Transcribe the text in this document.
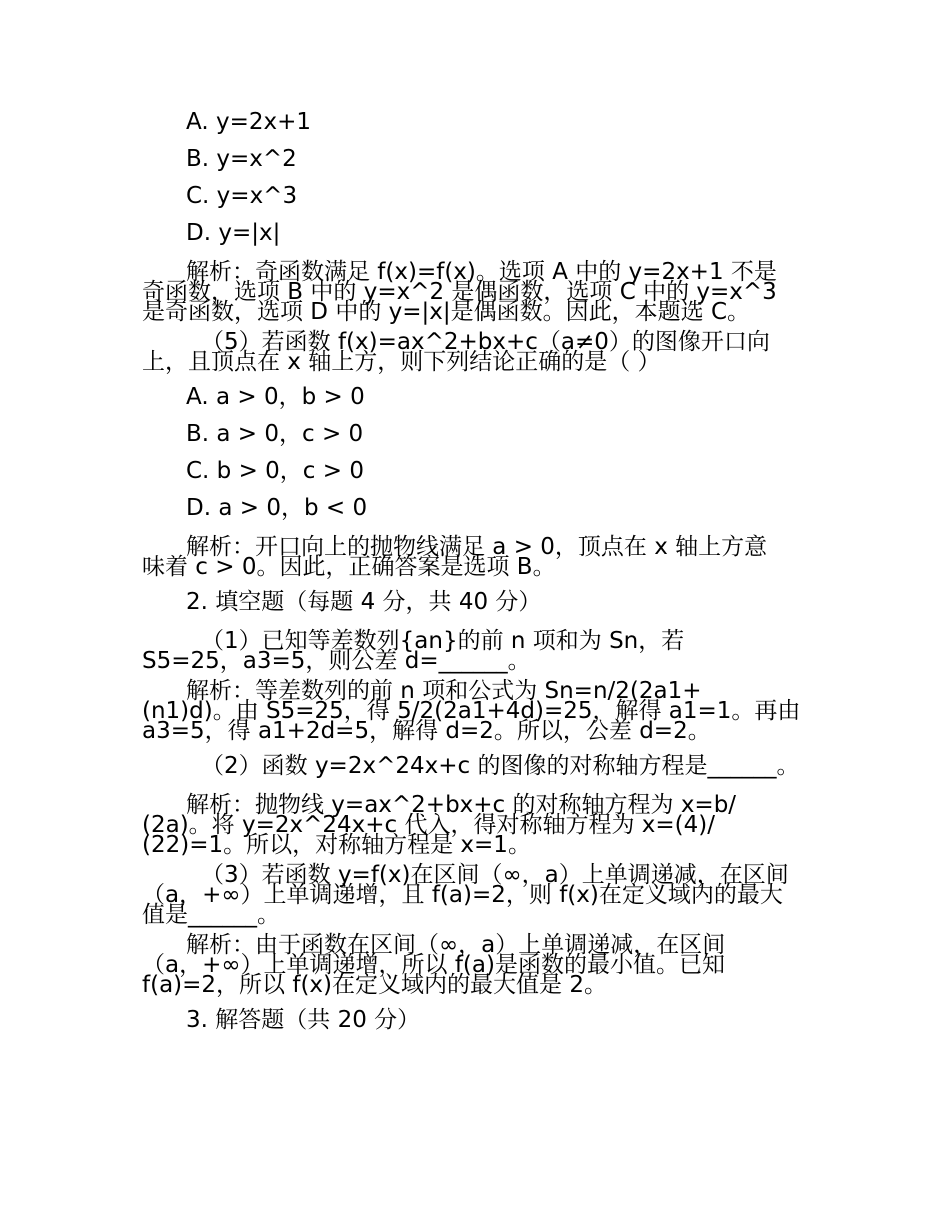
A. y=2x+1
B. y=x^2
C. y=x^3
D. y=|x|
解析：奇函数满足 f(x)=f(x)。选项 A 中的 y=2x+1 不是
奇函数，选项 B 中的 y=x^2 是偶函数，选项 C 中的 y=x^3
是奇函数，选项 D 中的 y=|x|是偶函数。因此，本题选 C。
（5）若函数 f(x)=ax^2+bx+c（a≠0）的图像开口向
上，且顶点在 x 轴上方，则下列结论正确的是（ ）
A. a > 0，b > 0
B. a > 0，c > 0
C. b > 0，c > 0
D. a > 0，b < 0
解析：开口向上的抛物线满足 a > 0，顶点在 x 轴上方意
味着 c > 0。因此，正确答案是选项 B。
2. 填空题（每题 4 分，共 40 分）
（1）已知等差数列{an}的前 n 项和为 Sn，若
S5=25，a3=5，则公差 d=______。
解析：等差数列的前 n 项和公式为 Sn=n/2(2a1+
(n1)d)。由 S5=25，得 5/2(2a1+4d)=25，解得 a1=1。再由
a3=5，得 a1+2d=5，解得 d=2。所以，公差 d=2。
（2）函数 y=2x^24x+c 的图像的对称轴方程是______。
解析：抛物线 y=ax^2+bx+c 的对称轴方程为 x=b/
(2a)。将 y=2x^24x+c 代入，得对称轴方程为 x=(4)/
(22)=1。所以，对称轴方程是 x=1。
（3）若函数 y=f(x)在区间（∞，a）上单调递减，在区间
（a，+∞）上单调递增，且 f(a)=2，则 f(x)在定义域内的最大
值是______。
解析：由于函数在区间（∞，a）上单调递减，在区间
（a，+∞）上单调递增，所以 f(a)是函数的最小值。已知
f(a)=2，所以 f(x)在定义域内的最大值是 2。
3. 解答题（共 20 分）
